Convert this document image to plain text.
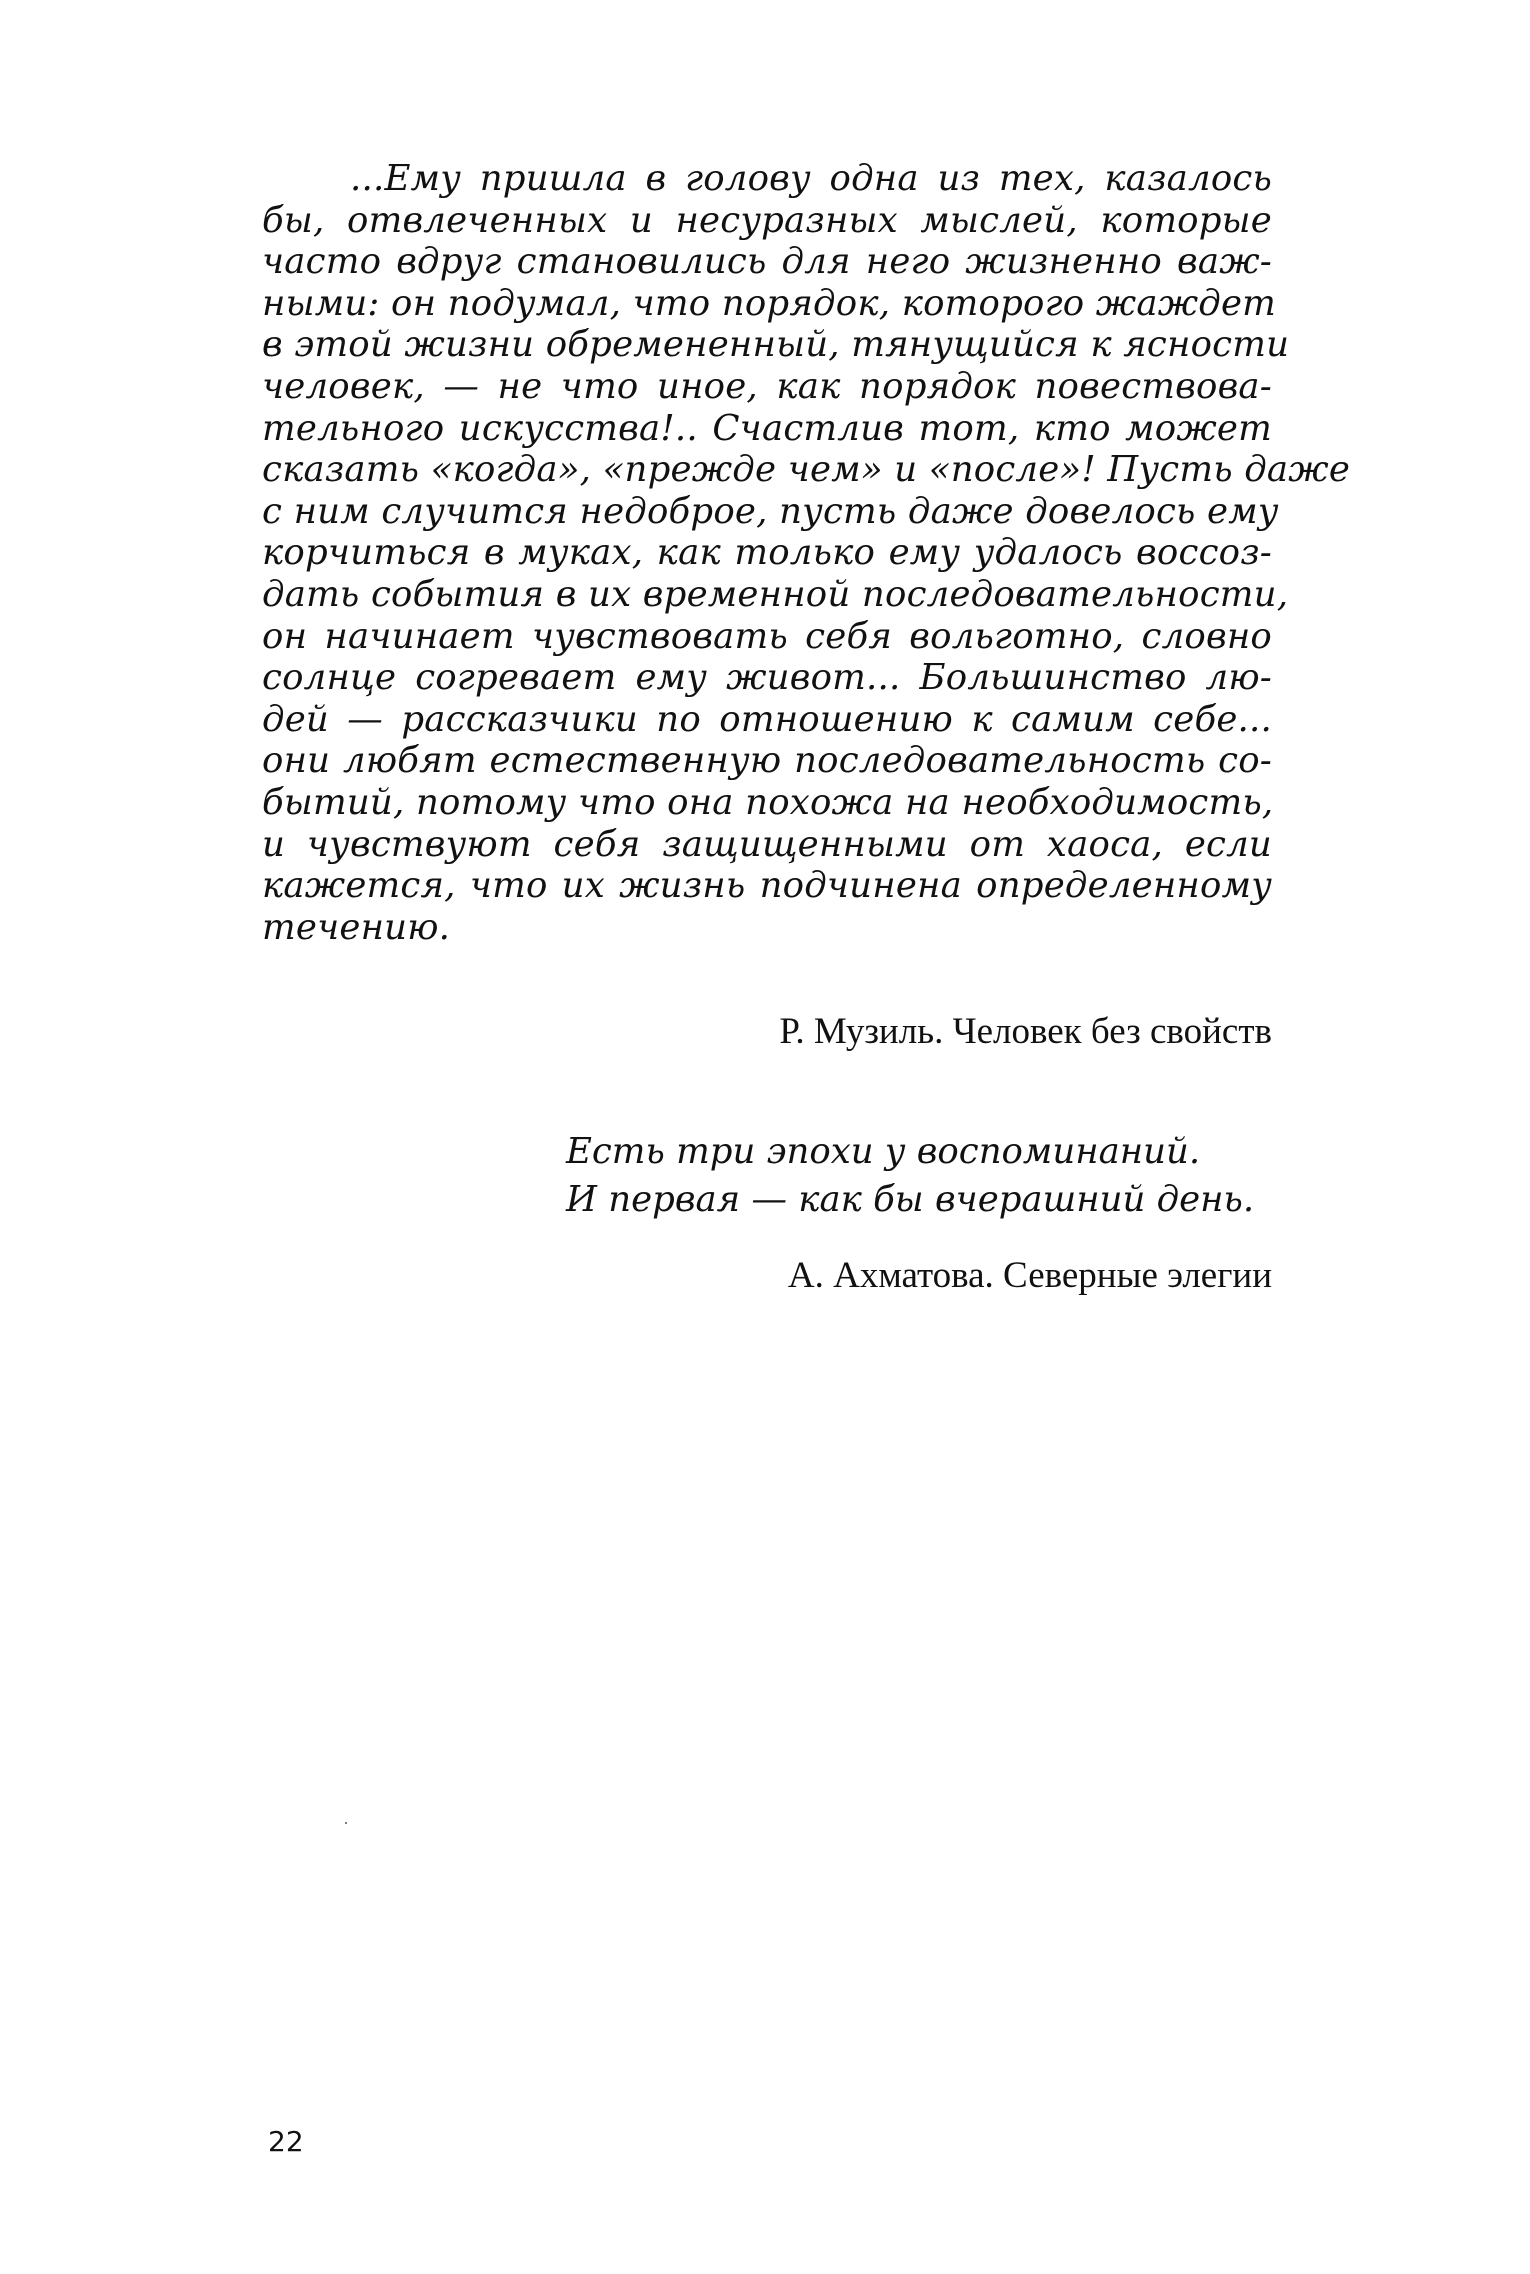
...Ему пришла в голову одна из тех, казалось
бы, отвлеченных и несуразных мыслей, которые
часто вдруг становились для него жизненно важ-
ными: он подумал, что порядок, которого жаждет
в этой жизни обремененный, тянущийся к ясности
человек, — не что иное, как порядок повествова-
тельного искусства!.. Счастлив тот, кто может
сказать «когда», «прежде чем» и «после»! Пусть даже
с ним случится недоброе, пусть даже довелось ему
корчиться в муках, как только ему удалось воссоз-
дать события в их временной последовательности,
он начинает чувствовать себя вольготно, словно
солнце согревает ему живот... Большинство лю-
дей — рассказчики по отношению к самим себе...
они любят естественную последовательность со-
бытий, потому что она похожа на необходимость,
и чувствуют себя защищенными от хаоса, если
кажется, что их жизнь подчинена определенному
течению.

Р. Музиль. Человек без свойств

Есть три эпохи у воспоминаний.
И первая — как бы вчерашний день.

А. Ахматова. Северные элегии

22
